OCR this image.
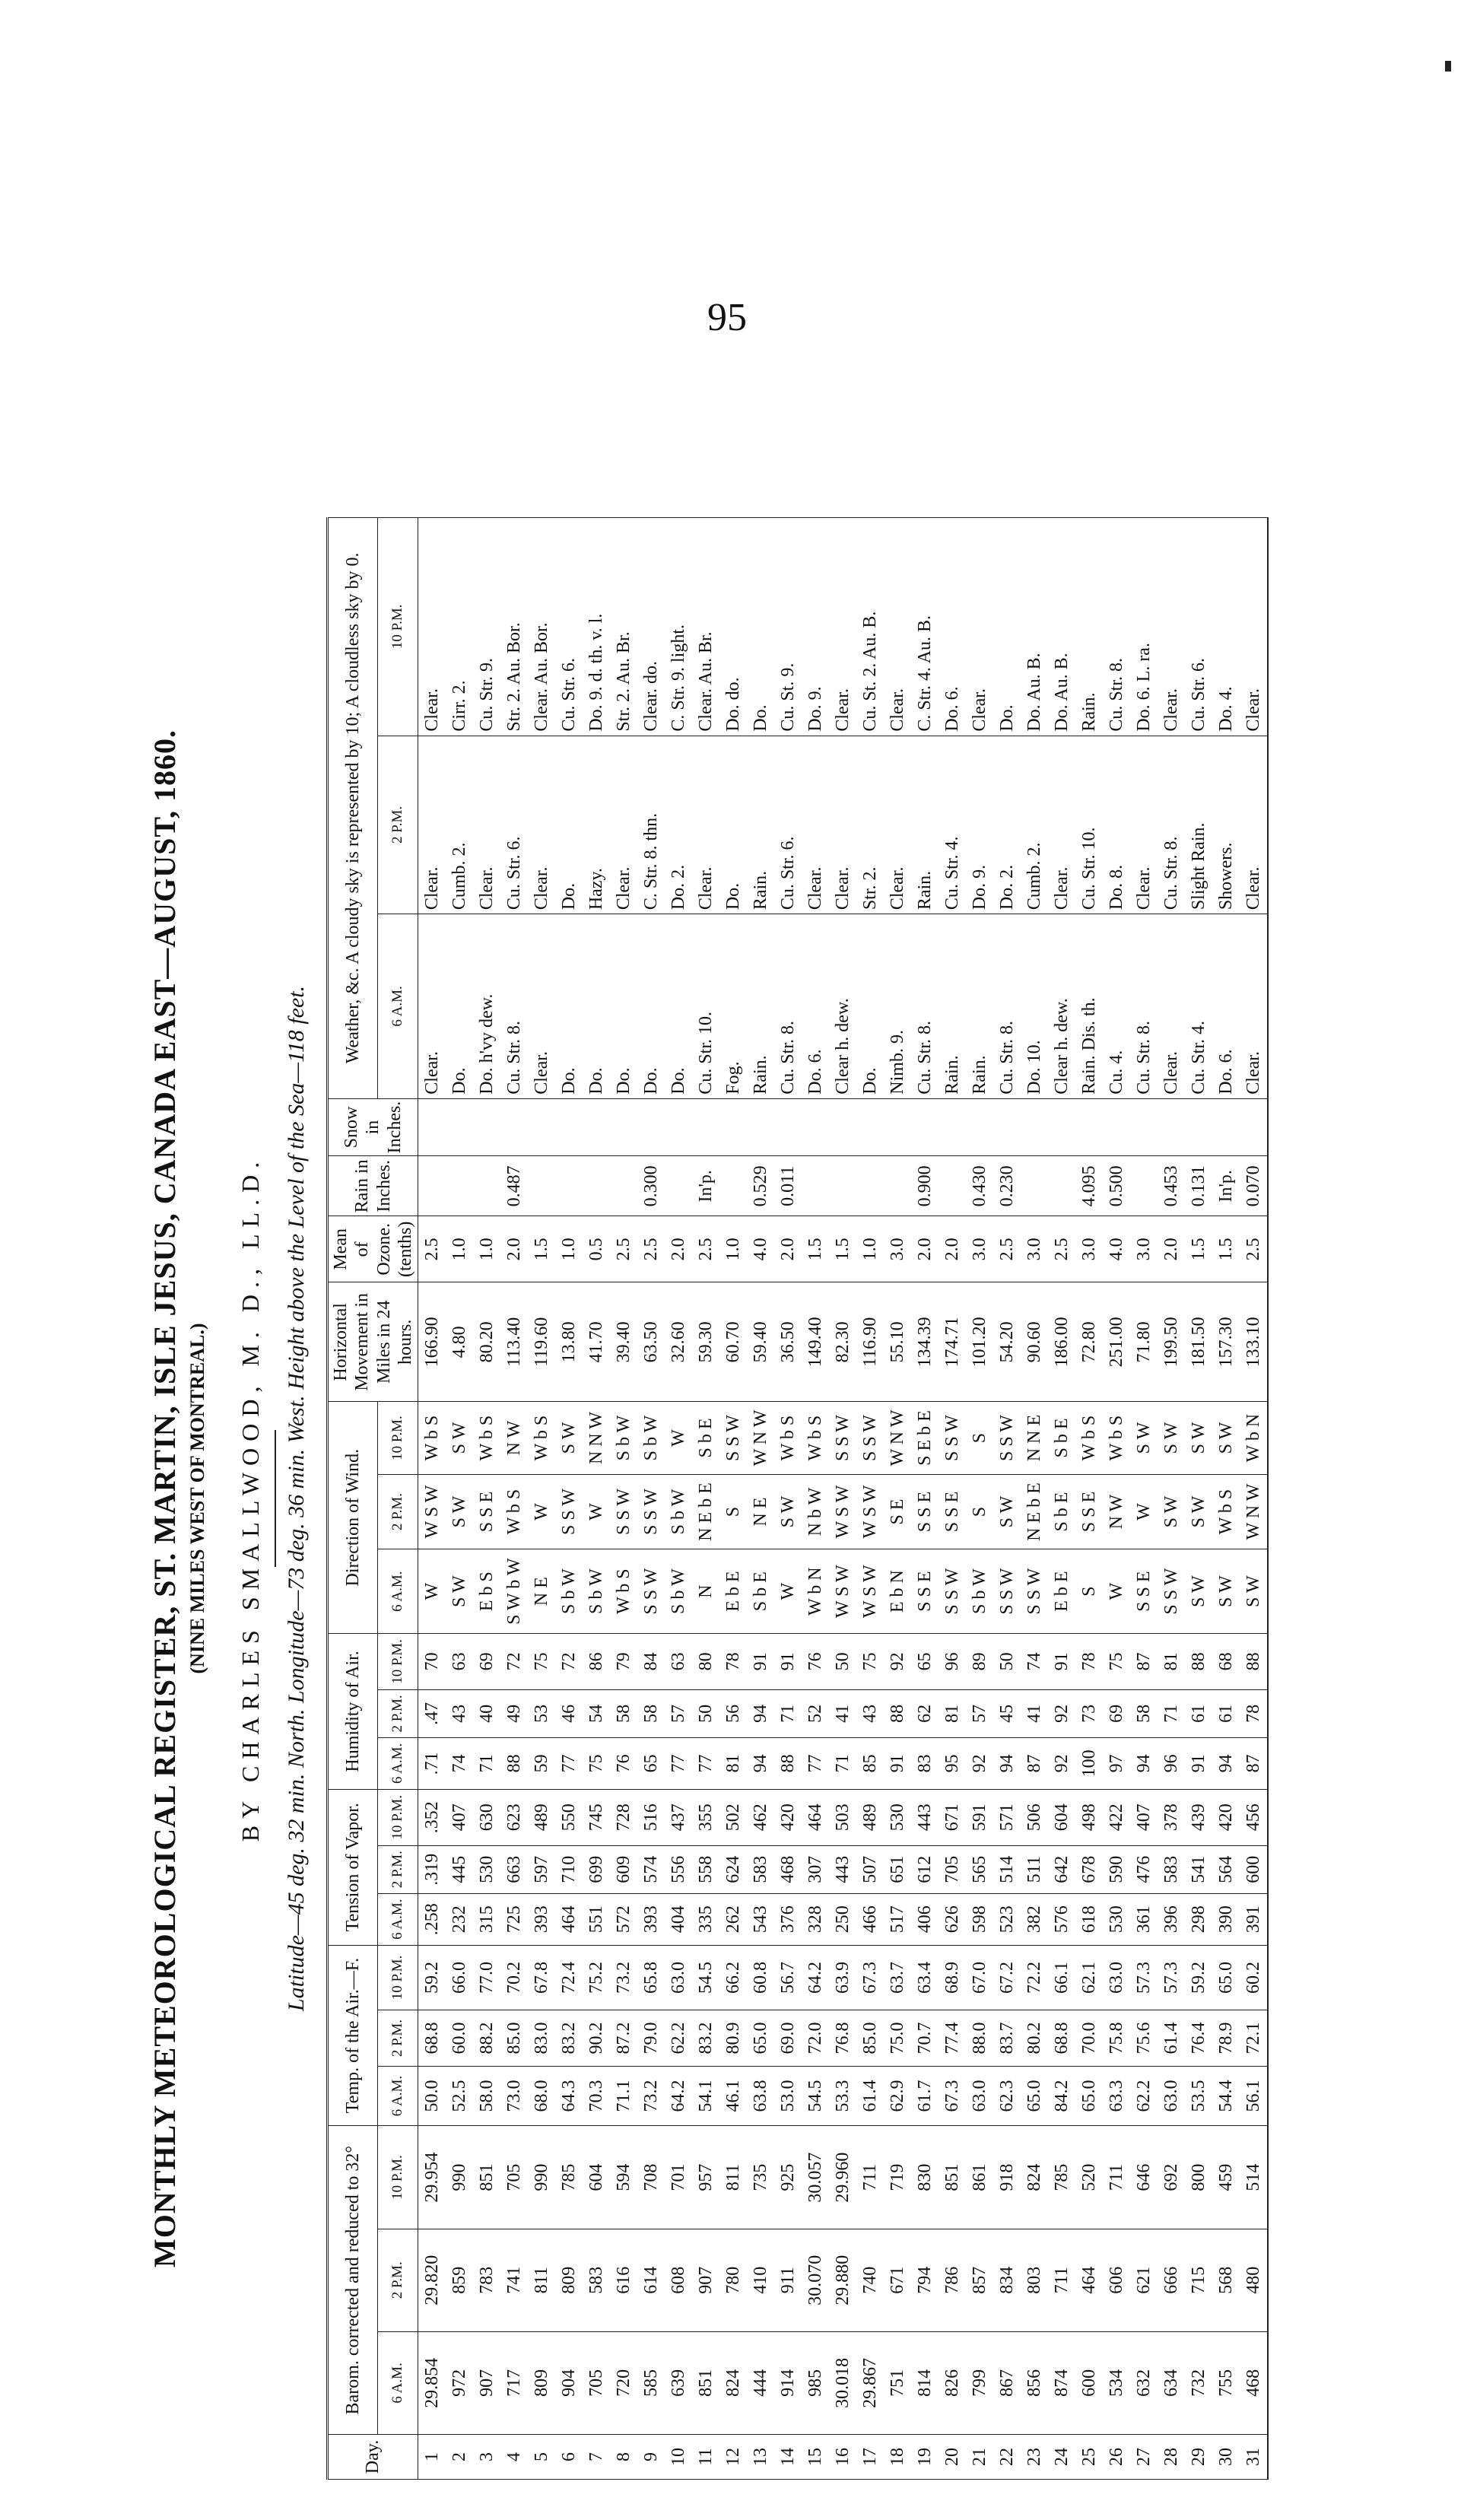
95
MONTHLY METEOROLOGICAL REGISTER, ST. MARTIN, ISLE JESUS, CANADA EAST—AUGUST, 1860. (NINE MILES WEST OF MONTREAL.) BY CHARLES SMALLWOOD, M. D., LL.D. Latitude—45 deg. 32 min. North. Longitude—73 deg. 36 min. West. Height above the Level of the Sea—118 feet.
Day.	Barom. corrected and reduced to 32°			Temp. of the Air.—F.			Tension of Vapor.			Humidity of Air.			Direction of Wind.			Horizontal Movement in Miles in 24 hours.	Mean of Ozone. (tenths)	Rain in Inches.	Snow in Inches.	Weather, &c. A cloudy sky is represented by 10; A cloudless sky by 0.		
	6 A.M.	2 P.M.	10 P.M.	6 A.M.	2 P.M.	10 P.M.	6 A.M.	2 P.M.	10 P.M.	6 A.M.	2 P.M.	10 P.M.	6 A.M.	2 P.M.	10 P.M.					6 A.M.	2 P.M.	10 P.M.
1	29.854	29.820	29.954	50.0	68.8	59.2	.258	.319	.352	.71	.47	70	W	W S W	W b S	166.90	2.5			Clear.	Clear.	Clear.
2	972	859	990	52.5	60.0	66.0	232	445	407	74	43	63	S W	S W	S W	4.80	1.0			Do.	Cumb. 2.	Cirr. 2.
3	907	783	851	58.0	88.2	77.0	315	530	630	71	40	69	E b S	S S E	W b S	80.20	1.0			Do. h'vy dew.	Clear.	Cu. Str. 9.
4	717	741	705	73.0	85.0	70.2	725	663	623	88	49	72	S W b W	W b S	N W	113.40	2.0	0.487		Cu. Str. 8.	Cu. Str. 6.	Str. 2. Au. Bor.
5	809	811	990	68.0	83.0	67.8	393	597	489	59	53	75	N E	W	W b S	119.60	1.5			Clear.	Clear.	Clear. Au. Bor.
6	904	809	785	64.3	83.2	72.4	464	710	550	77	46	72	S b W	S S W	S W	13.80	1.0			Do.	Do.	Cu. Str. 6.
7	705	583	604	70.3	90.2	75.2	551	699	745	75	54	86	S b W	W	N N W	41.70	0.5			Do.	Hazy.	Do. 9. d. th. v. l.
8	720	616	594	71.1	87.2	73.2	572	609	728	76	58	79	W b S	S S W	S b W	39.40	2.5			Do.	Clear.	Str. 2. Au. Br.
9	585	614	708	73.2	79.0	65.8	393	574	516	65	58	84	S S W	S S W	S b W	63.50	2.5	0.300		Do.	C. Str. 8. thn.	Clear. do.
10	639	608	701	64.2	62.2	63.0	404	556	437	77	57	63	S b W	S b W	W	32.60	2.0			Do.	Do. 2.	C. Str. 9. light.
11	851	907	957	54.1	83.2	54.5	335	558	355	77	50	80	N	N E b E	S b E	59.30	2.5	In'p.		Cu. Str. 10.	Clear.	Clear. Au. Br.
12	824	780	811	46.1	80.9	66.2	262	624	502	81	56	78	E b E	S	S S W	60.70	1.0			Fog.	Do.	Do. do.
13	444	410	735	63.8	65.0	60.8	543	583	462	94	94	91	S b E	N E	W N W	59.40	4.0	0.529		Rain.	Rain.	Do.
14	914	911	925	53.0	69.0	56.7	376	468	420	88	71	91	W	S W	W b S	36.50	2.0	0.011		Cu. Str. 8.	Cu. Str. 6.	Cu. St. 9.
15	985	30.070	30.057	54.5	72.0	64.2	328	307	464	77	52	76	W b N	N b W	W b S	149.40	1.5			Do. 6.	Clear.	Do. 9.
16	30.018	29.880	29.960	53.3	76.8	63.9	250	443	503	71	41	50	W S W	W S W	S S W	82.30	1.5			Clear h. dew.	Clear.	Clear.
17	29.867	740	711	61.4	85.0	67.3	466	507	489	85	43	75	W S W	W S W	S S W	116.90	1.0			Do.	Str. 2.	Cu. St. 2. Au. B.
18	751	671	719	62.9	75.0	63.7	517	651	530	91	88	92	E b N	S E	W N W	55.10	3.0			Nimb. 9.	Clear.	Clear.
19	814	794	830	61.7	70.7	63.4	406	612	443	83	62	65	S S E	S S E	S E b E	134.39	2.0	0.900		Cu. Str. 8.	Rain.	C. Str. 4. Au. B.
20	826	786	851	67.3	77.4	68.9	626	705	671	95	81	96	S S W	S S E	S S W	174.71	2.0			Rain.	Cu. Str. 4.	Do. 6.
21	799	857	861	63.0	88.0	67.0	598	565	591	92	57	89	S b W	S	S	101.20	3.0	0.430		Rain.	Do. 9.	Clear.
22	867	834	918	62.3	83.7	67.2	523	514	571	94	45	50	S S W	S W	S S W	54.20	2.5	0.230		Cu. Str. 8.	Do. 2.	Do.
23	856	803	824	65.0	80.2	72.2	382	511	506	87	41	74	S S W	N E b E	N N E	90.60	3.0			Do. 10.	Cumb. 2.	Do. Au. B.
24	874	711	785	84.2	68.8	66.1	576	642	604	92	92	91	E b E	S b E	S b E	186.00	2.5			Clear h. dew.	Clear.	Do. Au. B.
25	600	464	520	65.0	70.0	62.1	618	678	498	100	73	78	S	S S E	W b S	72.80	3.0	4.095		Rain. Dis. th.	Cu. Str. 10.	Rain.
26	534	606	711	63.3	75.8	63.0	530	590	422	97	69	75	W	N W	W b S	251.00	4.0	0.500		Cu. 4.	Do. 8.	Cu. Str. 8.
27	632	621	646	62.2	75.6	57.3	361	476	407	94	58	87	S S E	W	S W	71.80	3.0			Cu. Str. 8.	Clear.	Do. 6. L. ra.
28	634	666	692	63.0	61.4	57.3	396	583	378	96	71	81	S S W	S W	S W	199.50	2.0	0.453		Clear.	Cu. Str. 8.	Clear.
29	732	715	800	53.5	76.4	59.2	298	541	439	91	61	88	S W	S W	S W	181.50	1.5	0.131		Cu. Str. 4.	Slight Rain.	Cu. Str. 6.
30	755	568	459	54.4	78.9	65.0	390	564	420	94	61	68	S W	W b S	S W	157.30	1.5	In'p.		Do. 6.	Showers.	Do. 4.
31	468	480	514	56.1	72.1	60.2	391	600	456	87	78	88	S W	W N W	W b N	133.10	2.5	0.070		Clear.	Clear.	Clear.
